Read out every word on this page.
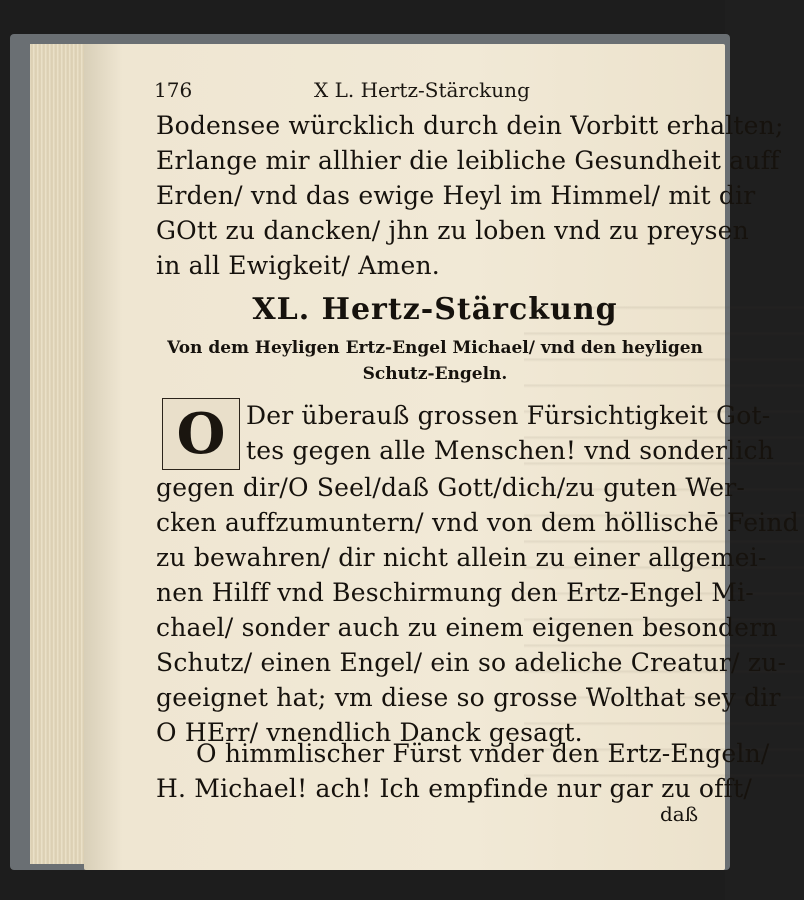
176	X L. Hertz-Stärckung
Bodensee würcklich durch dein Vorbitt erhalten;
Erlange mir allhier die leibliche Gesundheit auff
Erden/ vnd das ewige Heyl im Himmel/ mit dir
GOtt zu dancken/ jhn zu loben vnd zu preysen
in all Ewigkeit/ Amen.
XL. Hertz-Stärckung
Von dem Heyligen Ertz-Engel Michael/ vnd den heyligen
Schutz-Engeln.
O Der überauß grossen Fürsichtigkeit Got-
tes gegen alle Menschen! vnd sonderlich
gegen dir/O Seel/daß Gott/dich/zu guten Wer-
cken auffzumuntern/ vnd von dem höllischē Feind
zu bewahren/ dir nicht allein zu einer allgemei-
nen Hilff vnd Beschirmung den Ertz-Engel Mi-
chael/ sonder auch zu einem eigenen besondern
Schutz/ einen Engel/ ein so adeliche Creatur/ zu-
geeignet hat; vm diese so grosse Wolthat sey dir
O HErr/ vnendlich Danck gesagt.
O himmlischer Fürst vnder den Ertz-Engeln/
H. Michael! ach! Ich empfinde nur gar zu offt/
daß
